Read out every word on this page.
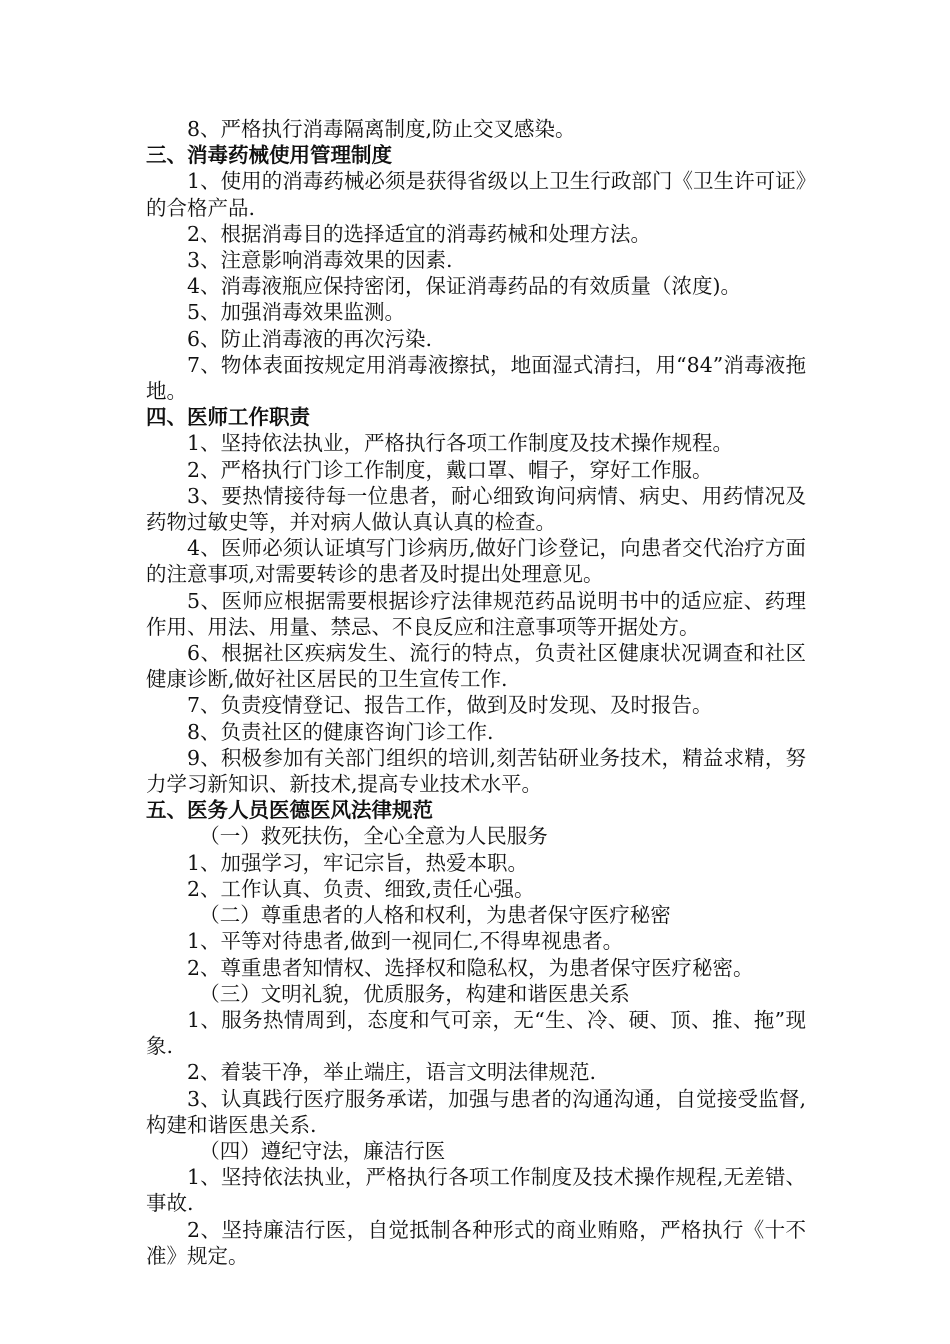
8、严格执行消毒隔离制度,防止交叉感染。

三、消毒药械使用管理制度

1、使用的消毒药械必须是获得省级以上卫生行政部门《卫生许可证》的合格产品.

2、根据消毒目的选择适宜的消毒药械和处理方法。

3、注意影响消毒效果的因素.

4、消毒液瓶应保持密闭，保证消毒药品的有效质量（浓度)。

5、加强消毒效果监测。

6、防止消毒液的再次污染.

7、物体表面按规定用消毒液擦拭，地面湿式清扫，用“84”消毒液拖地。

四、医师工作职责

1、坚持依法执业，严格执行各项工作制度及技术操作规程。

2、严格执行门诊工作制度，戴口罩、帽子，穿好工作服。

3、要热情接待每一位患者，耐心细致询问病情、病史、用药情况及药物过敏史等，并对病人做认真认真的检查。

4、医师必须认证填写门诊病历,做好门诊登记，向患者交代治疗方面的注意事项,对需要转诊的患者及时提出处理意见。

5、医师应根据需要根据诊疗法律规范药品说明书中的适应症、药理作用、用法、用量、禁忌、不良反应和注意事项等开据处方。

6、根据社区疾病发生、流行的特点，负责社区健康状况调查和社区健康诊断,做好社区居民的卫生宣传工作.

7、负责疫情登记、报告工作，做到及时发现、及时报告。

8、负责社区的健康咨询门诊工作.

9、积极参加有关部门组织的培训,刻苦钻研业务技术，精益求精，努力学习新知识、新技术,提高专业技术水平。

五、医务人员医德医风法律规范

（一）救死扶伤，全心全意为人民服务

1、加强学习，牢记宗旨，热爱本职。

2、工作认真、负责、细致,责任心强。

（二）尊重患者的人格和权利，为患者保守医疗秘密

1、平等对待患者,做到一视同仁,不得卑视患者。

2、尊重患者知情权、选择权和隐私权，为患者保守医疗秘密。

（三）文明礼貌，优质服务，构建和谐医患关系

1、服务热情周到，态度和气可亲，无“生、冷、硬、顶、推、拖”现象.

2、着装干净，举止端庄，语言文明法律规范.

3、认真践行医疗服务承诺，加强与患者的沟通沟通，自觉接受监督,构建和谐医患关系.

（四）遵纪守法，廉洁行医

1、坚持依法执业，严格执行各项工作制度及技术操作规程,无差错、事故.

2、坚持廉洁行医，自觉抵制各种形式的商业贿赂，严格执行《十不准》规定。
